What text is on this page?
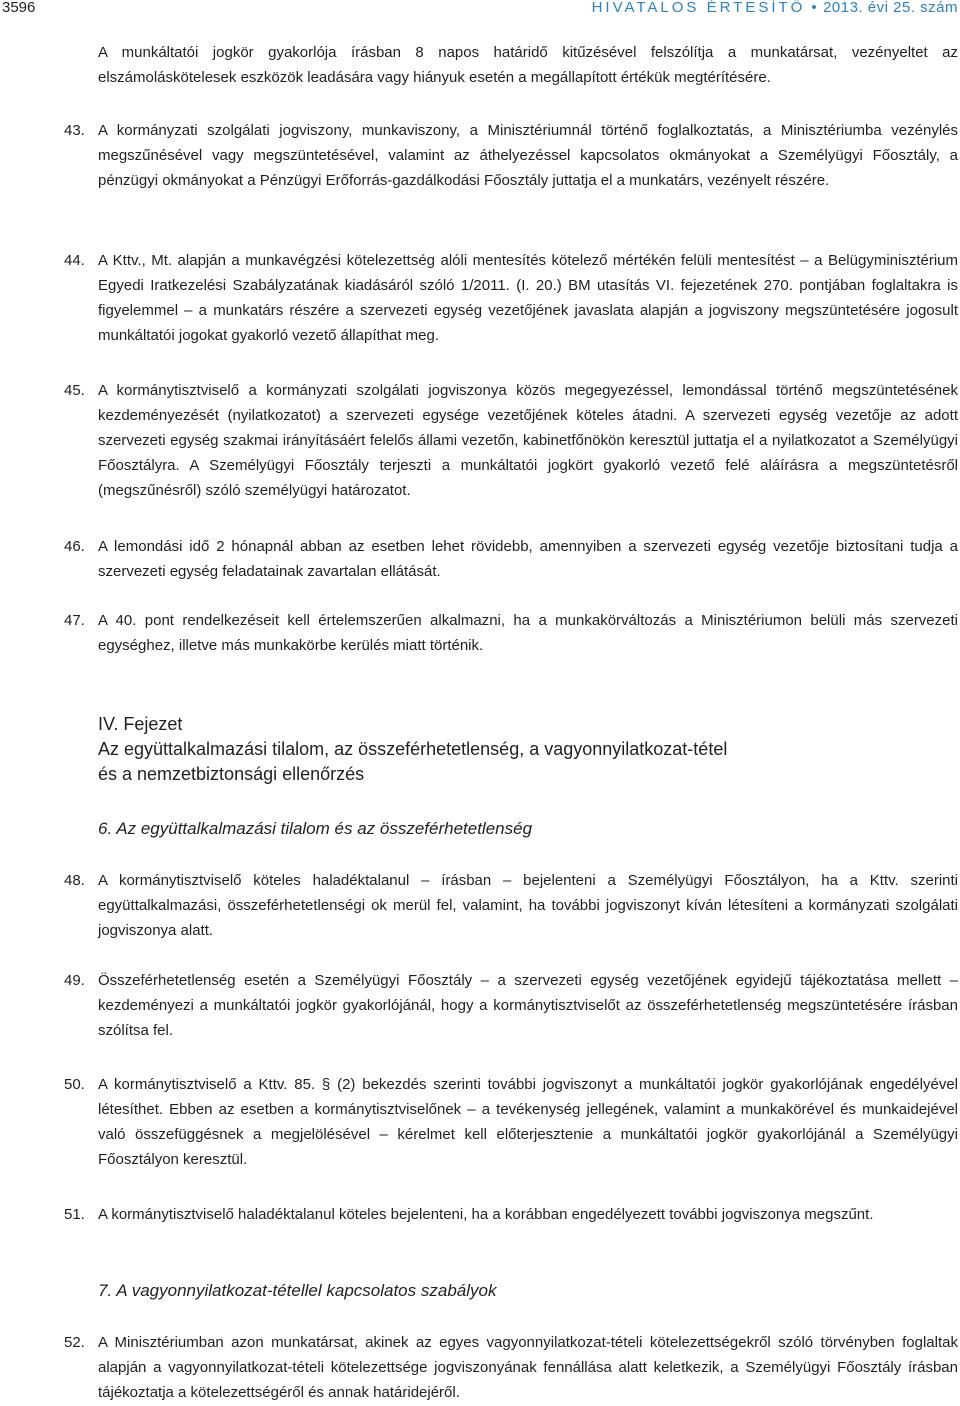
3596	HIVATALOS ÉRTESÍTŐ • 2013. évi 25. szám
A munkáltatói jogkör gyakorlója írásban 8 napos határidő kitűzésével felszólítja a munkatársat, vezényeltet az elszámoláskötelesek eszközök leadására vagy hiányuk esetén a megállapított értékük megtérítésére.
43. A kormányzati szolgálati jogviszony, munkaviszony, a Minisztériumnál történő foglalkoztatás, a Minisztériumba vezénylés megszűnésével vagy megszüntetésével, valamint az áthelyezéssel kapcsolatos okmányokat a Személyügyi Főosztály, a pénzügyi okmányokat a Pénzügyi Erőforrás-gazdálkodási Főosztály juttatja el a munkatárs, vezényelt részére.
44. A Kttv., Mt. alapján a munkavégzési kötelezettség alóli mentesítés kötelező mértékén felüli mentesítést – a Belügyminisztérium Egyedi Iratkezelési Szabályzatának kiadásáról szóló 1/2011. (I. 20.) BM utasítás VI. fejezetének 270. pontjában foglaltakra is figyelemmel – a munkatárs részére a szervezeti egység vezetőjének javaslata alapján a jogviszony megszüntetésére jogosult munkáltatói jogokat gyakorló vezető állapíthat meg.
45. A kormánytisztviselő a kormányzati szolgálati jogviszonya közös megegyezéssel, lemondással történő megszüntetésének kezdeményezését (nyilatkozatot) a szervezeti egysége vezetőjének köteles átadni. A szervezeti egység vezetője az adott szervezeti egység szakmai irányításáért felelős állami vezetőn, kabinetfőnökön keresztül juttatja el a nyilatkozatot a Személyügyi Főosztályra. A Személyügyi Főosztály terjeszti a munkáltatói jogkört gyakorló vezető felé aláírásra a megszüntetésről (megszűnésről) szóló személyügyi határozatot.
46. A lemondási idő 2 hónapnál abban az esetben lehet rövidebb, amennyiben a szervezeti egység vezetője biztosítani tudja a szervezeti egység feladatainak zavartalan ellátását.
47. A 40. pont rendelkezéseit kell értelemszerűen alkalmazni, ha a munkakörváltozás a Minisztériumon belüli más szervezeti egységhez, illetve más munkakörbe kerülés miatt történik.
IV. Fejezet
Az együttalkalmazási tilalom, az összeférhetetlenség, a vagyonnyilatkozat-tétel
és a nemzetbiztonsági ellenőrzés
6. Az együttalkalmazási tilalom és az összeférhetetlenség
48. A kormánytisztviselő köteles haladéktalanul – írásban – bejelenteni a Személyügyi Főosztályon, ha a Kttv. szerinti együttalkalmazási, összeférhetetlenségi ok merül fel, valamint, ha további jogviszonyt kíván létesíteni a kormányzati szolgálati jogviszonya alatt.
49. Összeférhetetlenség esetén a Személyügyi Főosztály – a szervezeti egység vezetőjének egyidejű tájékoztatása mellett – kezdeményezi a munkáltatói jogkör gyakorlójánál, hogy a kormánytisztviselőt az összeférhetetlenség megszüntetésére írásban szólítsa fel.
50. A kormánytisztviselő a Kttv. 85. § (2) bekezdés szerinti további jogviszonyt a munkáltatói jogkör gyakorlójának engedélyével létesíthet. Ebben az esetben a kormánytisztviselőnek – a tevékenység jellegének, valamint a munkakörével és munkaidejével való összefüggésnek a megjelölésével – kérelmet kell előterjesztenie a munkáltatói jogkör gyakorlójánál a Személyügyi Főosztályon keresztül.
51. A kormánytisztviselő haladéktalanul köteles bejelenteni, ha a korábban engedélyezett további jogviszonya megszűnt.
7. A vagyonnyilatkozat-tétellel kapcsolatos szabályok
52. A Minisztériumban azon munkatársat, akinek az egyes vagyonnyilatkozat-tételi kötelezettségekről szóló törvényben foglaltak alapján a vagyonnyilatkozat-tételi kötelezettsége jogviszonyának fennállása alatt keletkezik, a Személyügyi Főosztály írásban tájékoztatja a kötelezettségéről és annak határidejéről.
